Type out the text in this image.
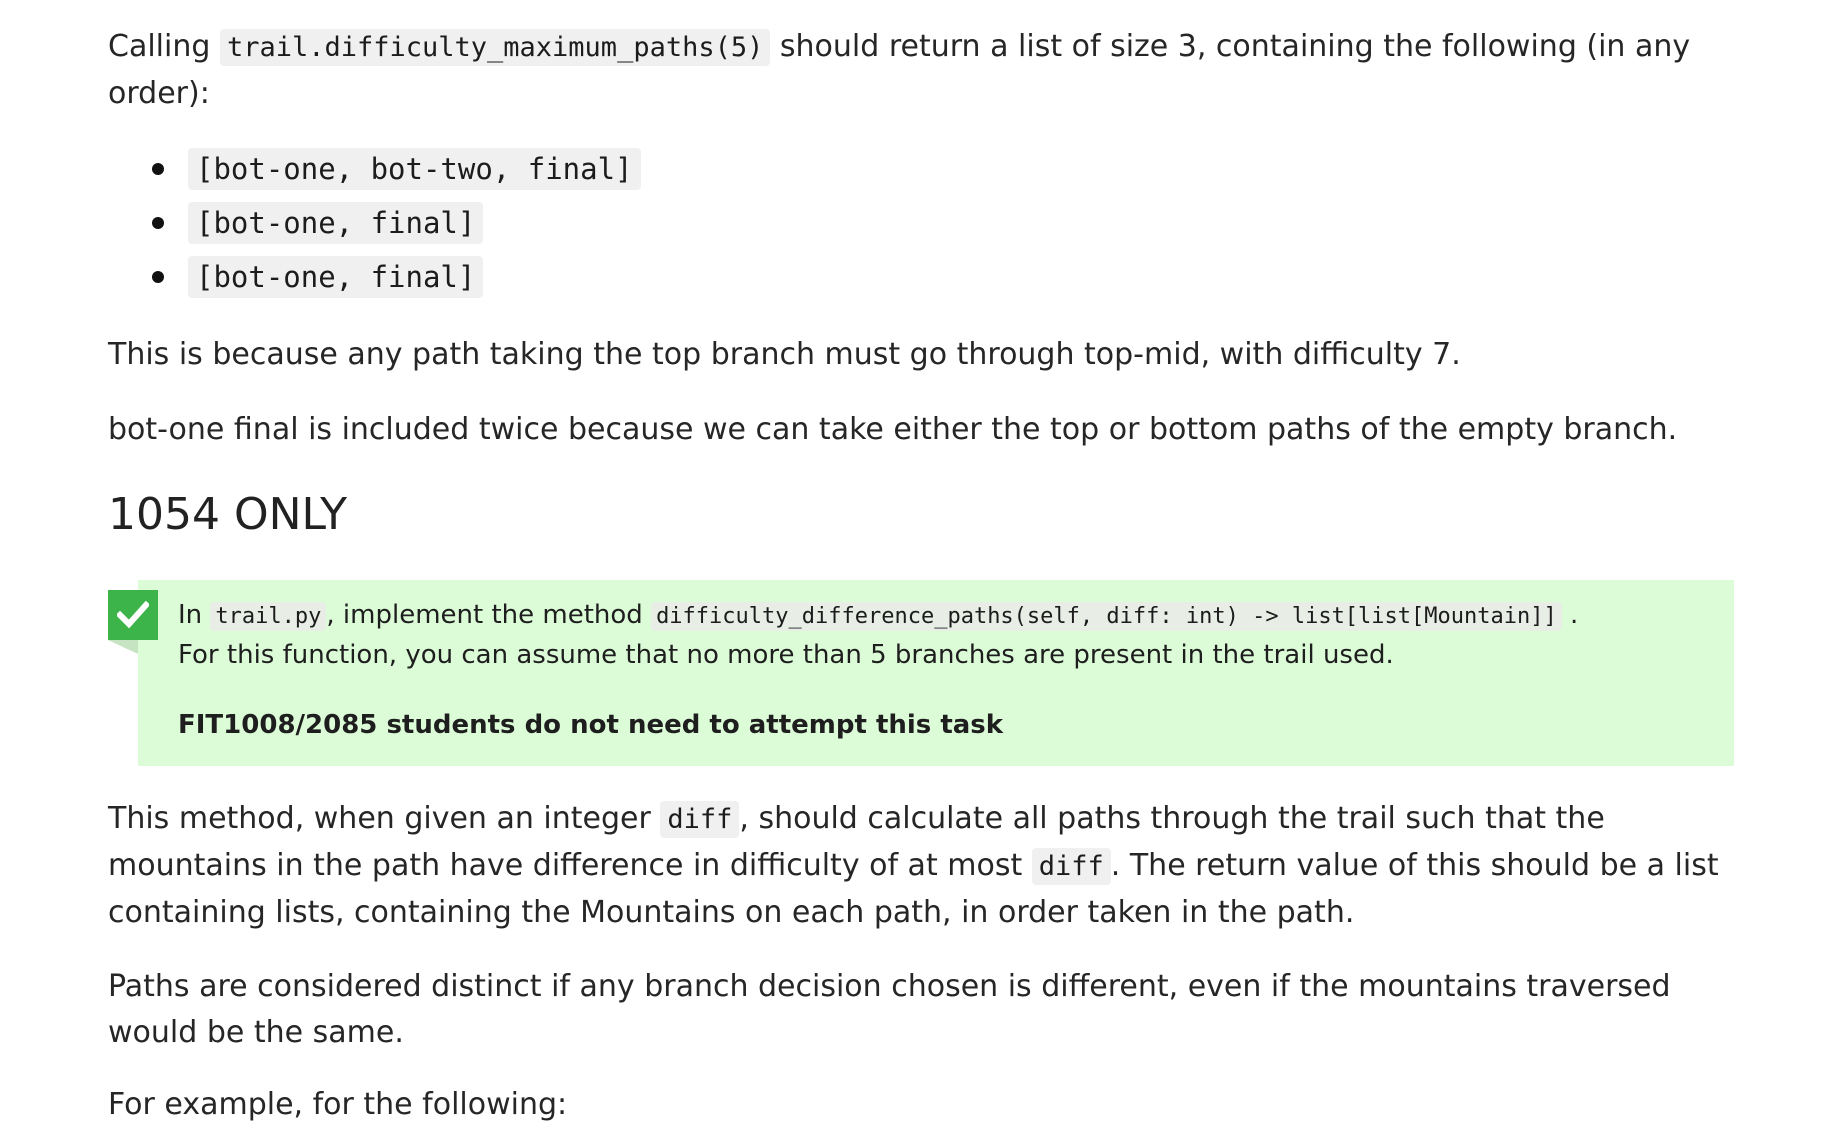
Calling trail.difficulty_maximum_paths(5) should return a list of size 3, containing the following (in any order):

[bot-one, bot-two, final]
[bot-one, final]
[bot-one, final]

This is because any path taking the top branch must go through top-mid, with difficulty 7.

bot-one final is included twice because we can take either the top or bottom paths of the empty branch.

1054 ONLY
In trail.py , implement the method difficulty_difference_paths(self, diff: int) -> list[list[Mountain]] .
For this function, you can assume that no more than 5 branches are present in the trail used.
FIT1008/2085 students do not need to attempt this task

This method, when given an integer diff , should calculate all paths through the trail such that the mountains in the path have difference in difficulty of at most diff . The return value of this should be a list containing lists, containing the Mountains on each path, in order taken in the path.

Paths are considered distinct if any branch decision chosen is different, even if the mountains traversed would be the same.

For example, for the following:
